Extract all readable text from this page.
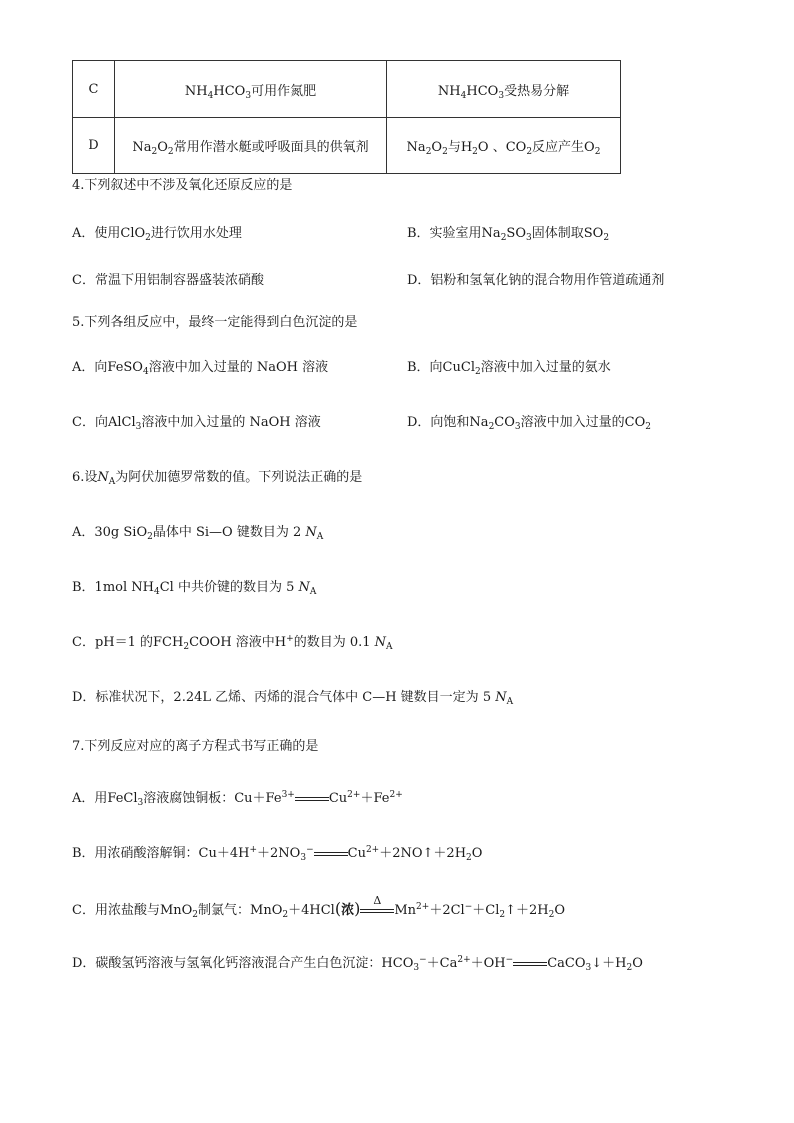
C	$NH_4HCO_3$可用作氮肥	$NH_4HCO_3$受热易分解
D	$Na_2O_2$常用作潜水艇或呼吸面具的供氧剂	$Na_2O_2$与$H_2O$ 、$CO_2$反应产生$O_2$
4.下列叙述中不涉及氧化还原反应的是
A．使用ClO$_2$进行饮用水处理	B．实验室用$Na_2SO_3$固体制取$SO_2$
C．常温下用铝制容器盛装浓硝酸	D．铝粉和氢氧化钠的混合物用作管道疏通剂
5.下列各组反应中，最终一定能得到白色沉淀的是
A．向FeSO$_4$溶液中加入过量的 NaOH 溶液	B．向CuCl$_2$溶液中加入过量的氨水
C．向AlCl$_3$溶液中加入过量的 NaOH 溶液	D．向饱和$Na_2CO_3$溶液中加入过量的$CO_2$
6.设$N_A$为阿伏加德罗常数的值。下列说法正确的是
A．30g SiO$_2$晶体中 Si—O 键数目为 2 $N_A$
B．1mol $NH_4Cl$ 中共价键的数目为 5 $N_A$
C．pH＝1 的$FCH_2COOH$ 溶液中H+的数目为 0.1 $N_A$
D．标准状况下，2.24L 乙烯、丙烯的混合气体中 C—H 键数目一定为 5 $N_A$
7.下列反应对应的离子方程式书写正确的是
A．用FeCl$_3$溶液腐蚀铜板：$Cu+Fe^{3+}$	$Cu^{2+}+Fe^{2+}$
B．用浓硝酸溶解铜：$Cu+4H^++2NO_3^-$	$Cu^{2+}+2NO↑+2H_2O$
C．用浓盐酸与MnO$_2$制氯气：MnO$_2$＋4HCl(浓)	Δ
$Mn^{2+}+2Cl^-+Cl_2↑+2H_2O$
D．碳酸氢钙溶液与氢氧化钙溶液混合产生白色沉淀：$HCO_3^-+Ca^{2+}+OH^-$	$CaCO_3↓+H_2O$
